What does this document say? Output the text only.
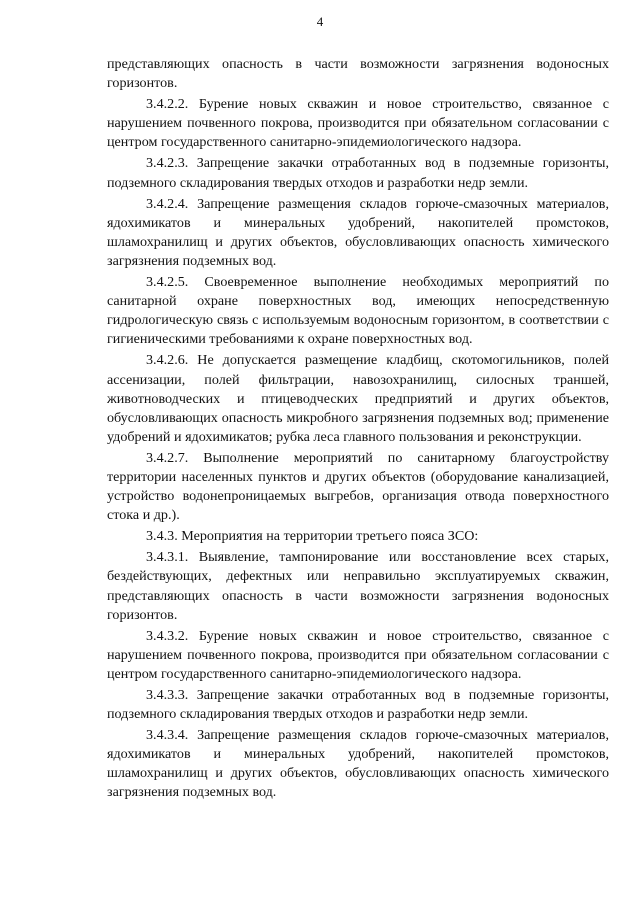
4

представляющих опасность в части возможности загрязнения водоносных горизонтов.

3.4.2.2. Бурение новых скважин и новое строительство, связанное с нарушением почвенного покрова, производится при обязательном согласовании с центром государственного санитарно-эпидемиологического надзора.

3.4.2.3. Запрещение закачки отработанных вод в подземные горизонты, подземного складирования твердых отходов и разработки недр земли.

3.4.2.4. Запрещение размещения складов горюче-смазочных материалов, ядохимикатов и минеральных удобрений, накопителей промстоков, шламохранилищ и других объектов, обусловливающих опасность химического загрязнения подземных вод.

3.4.2.5. Своевременное выполнение необходимых мероприятий по санитарной охране поверхностных вод, имеющих непосредственную гидрологическую связь с используемым водоносным горизонтом, в соответствии с гигиеническими требованиями к охране поверхностных вод.

3.4.2.6. Не допускается размещение кладбищ, скотомогильников, полей ассенизации, полей фильтрации, навозохранилищ, силосных траншей, животноводческих и птицеводческих предприятий и других объектов, обусловливающих опасность микробного загрязнения подземных вод; применение удобрений и ядохимикатов; рубка леса главного пользования и реконструкции.

3.4.2.7. Выполнение мероприятий по санитарному благоустройству территории населенных пунктов и других объектов (оборудование канализацией, устройство водонепроницаемых выгребов, организация отвода поверхностного стока и др.).

3.4.3. Мероприятия на территории третьего пояса ЗСО:

3.4.3.1. Выявление, тампонирование или восстановление всех старых, бездействующих, дефектных или неправильно эксплуатируемых скважин, представляющих опасность в части возможности загрязнения водоносных горизонтов.

3.4.3.2. Бурение новых скважин и новое строительство, связанное с нарушением почвенного покрова, производится при обязательном согласовании с центром государственного санитарно-эпидемиологического надзора.

3.4.3.3. Запрещение закачки отработанных вод в подземные горизонты, подземного складирования твердых отходов и разработки недр земли.

3.4.3.4. Запрещение размещения складов горюче-смазочных материалов, ядохимикатов и минеральных удобрений, накопителей промстоков, шламохранилищ и других объектов, обусловливающих опасность химического загрязнения подземных вод.
